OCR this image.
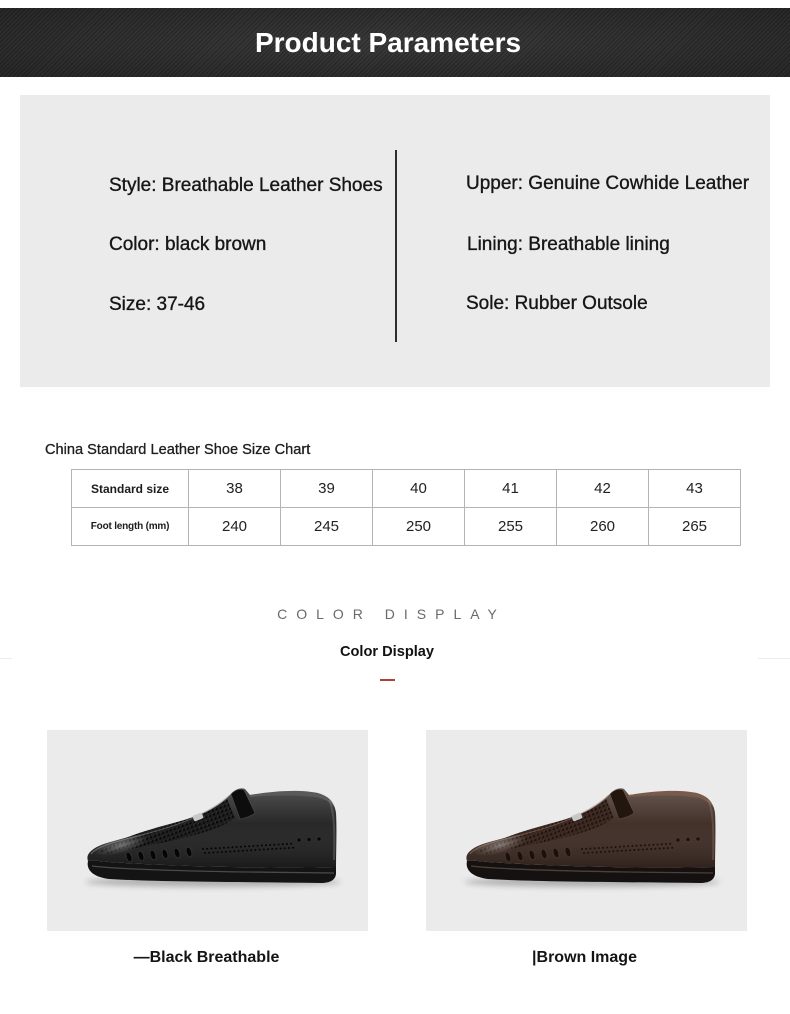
Product Parameters
Style: Breathable Leather Shoes
Color: black brown
Size: 37-46
Upper: Genuine Cowhide Leather
Lining: Breathable lining
Sole: Rubber Outsole
China Standard Leather Shoe Size Chart
Standard size	38	39	40	41	42	43
Foot length (mm)	240	245	250	255	260	265
COLOR DISPLAY
Color Display
—Black Breathable	|Brown Image
